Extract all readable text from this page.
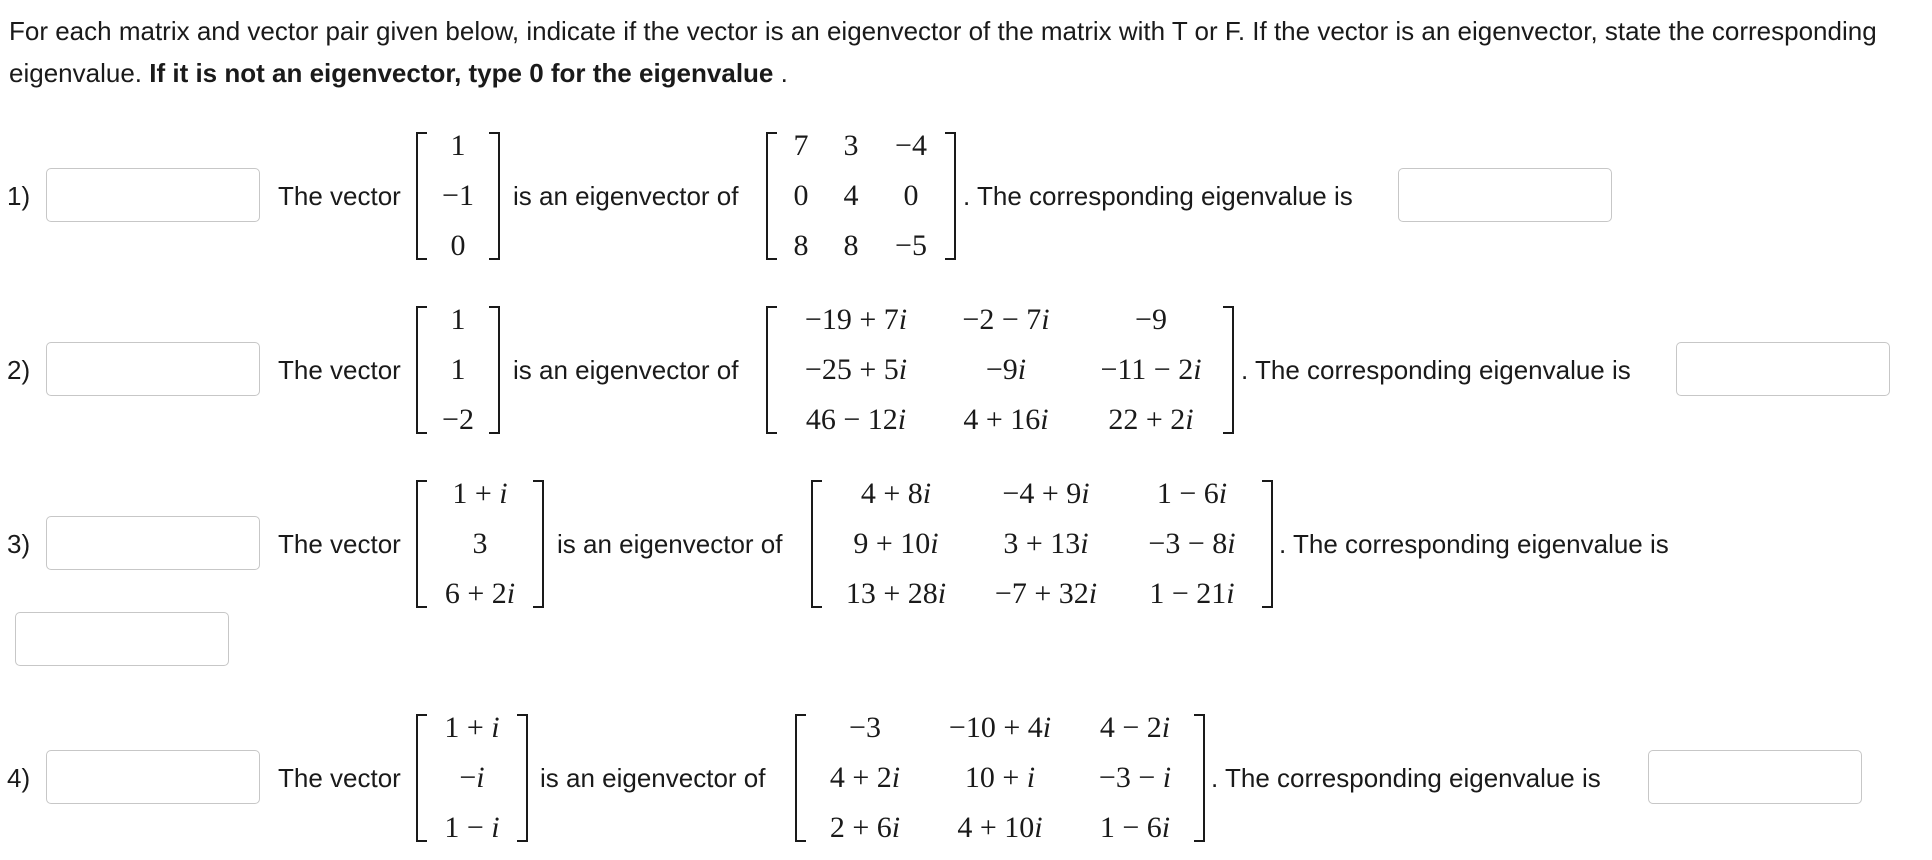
For each matrix and vector pair given below, indicate if the vector is an eigenvector of the matrix with T or F. If the vector is an eigenvector, state the corresponding eigenvalue. If it is not an eigenvector, type 0 for the eigenvalue .

1)	The vector
1
−1
0
is an eigenvector of
7	3	−4
0	4	0
8	8	−5
. The corresponding eigenvalue is
2)	The vector
1
1
−2
is an eigenvector of
−19 + 7i	−2 − 7i	−9
−25 + 5i	−9i	−11 − 2i
46 − 12i	4 + 16i	22 + 2i
. The corresponding eigenvalue is
3)	The vector
1 + i
3
6 + 2i
is an eigenvector of
4 + 8i	−4 + 9i	1 − 6i
9 + 10i	3 + 13i	−3 − 8i
13 + 28i	−7 + 32i	1 − 21i
. The corresponding eigenvalue is
4)	The vector
1 + i
−i
1 − i
is an eigenvector of
−3	−10 + 4i	4 − 2i
4 + 2i	10 + i	−3 − i
2 + 6i	4 + 10i	1 − 6i
. The corresponding eigenvalue is
